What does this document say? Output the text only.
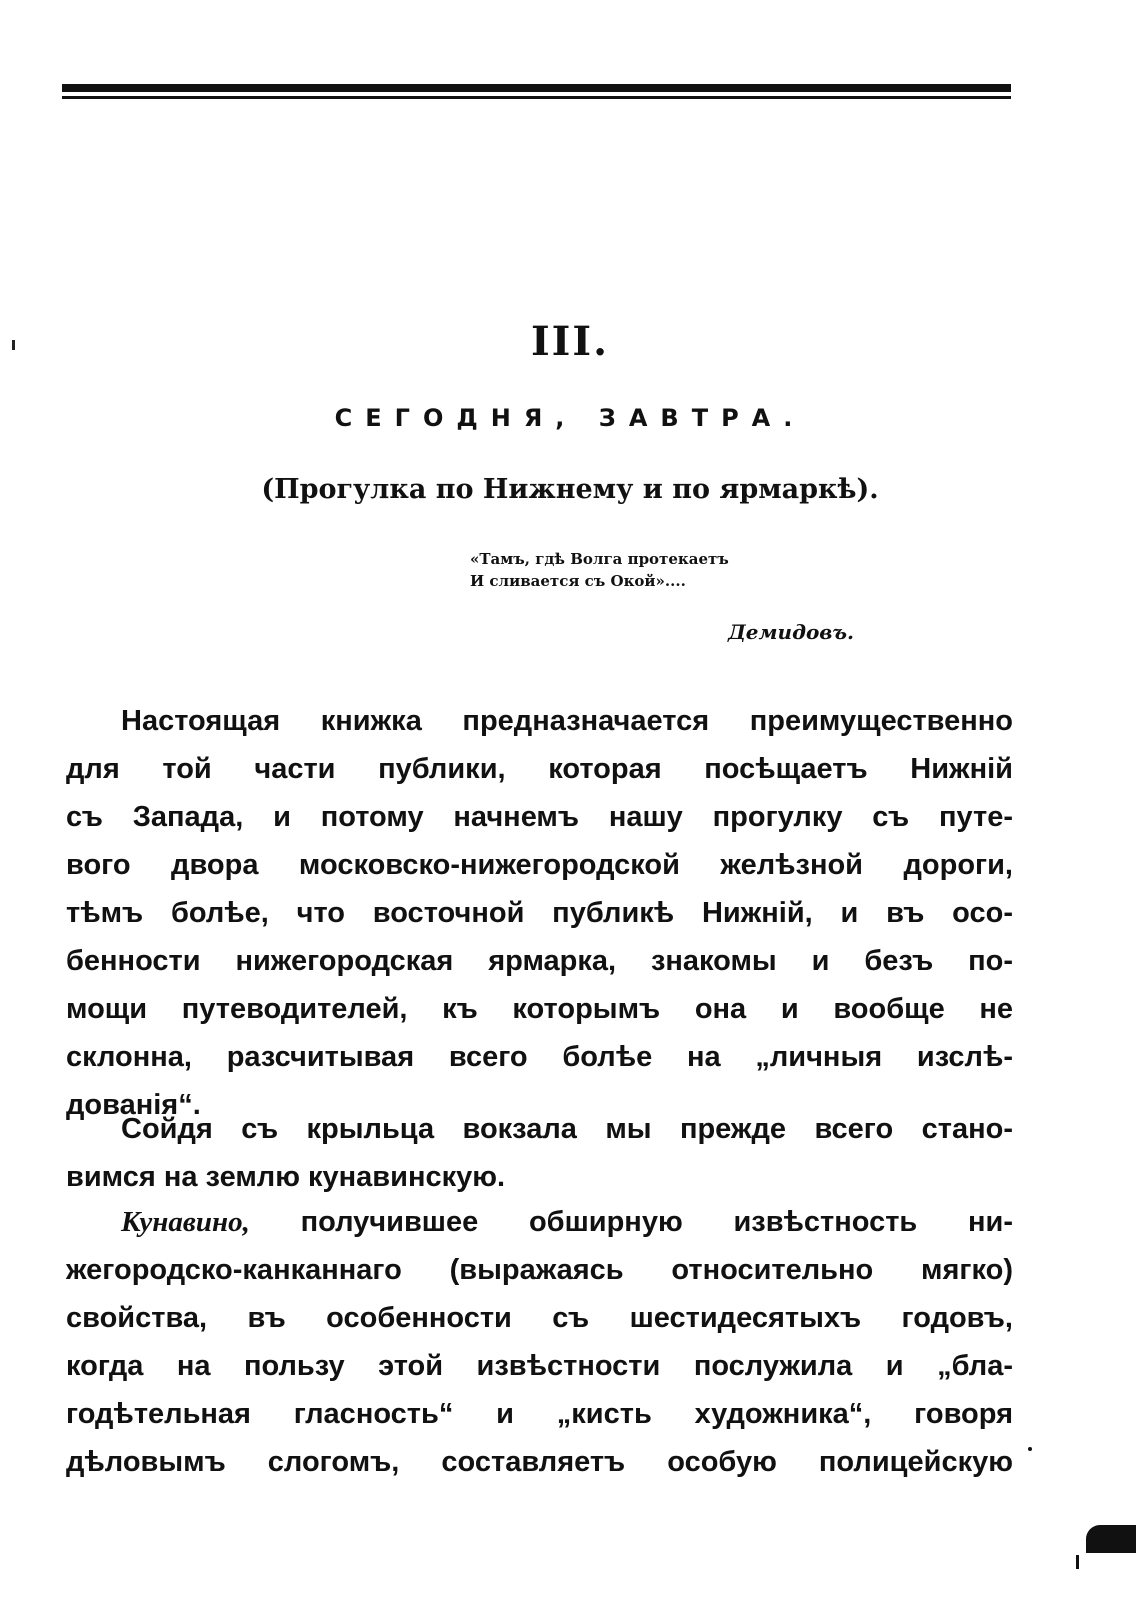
III.
СЕГОДНЯ, ЗАВТРА.
(Прогулка по Нижнему и по ярмаркѣ).
«Тамъ, гдѣ Волга протекаетъ
И сливается съ Окой»....
Демидовъ.
Настоящая книжка предназначается преимущественно
для той части публики, которая посѣщаетъ Нижній
съ Запада, и потому начнемъ нашу прогулку съ путе-
вого двора московско-нижегородской желѣзной дороги,
тѣмъ болѣе, что восточной публикѣ Нижній, и въ осо-
бенности нижегородская ярмарка, знакомы и безъ по-
мощи путеводителей, къ которымъ она и вообще не
склонна, разсчитывая всего болѣе на „личныя изслѣ-
дованія“.
Сойдя съ крыльца вокзала мы прежде всего стано-
вимся на землю кунавинскую.
Кунавино, получившее обширную извѣстность ни-
жегородско-канканнаго (выражаясь относительно мягко)
свойства, въ особенности съ шестидесятыхъ годовъ,
когда на пользу этой извѣстности послужила и „бла-
годѣтельная гласность“ и „кисть художника“, говоря
дѣловымъ слогомъ, составляетъ особую полицейскую
